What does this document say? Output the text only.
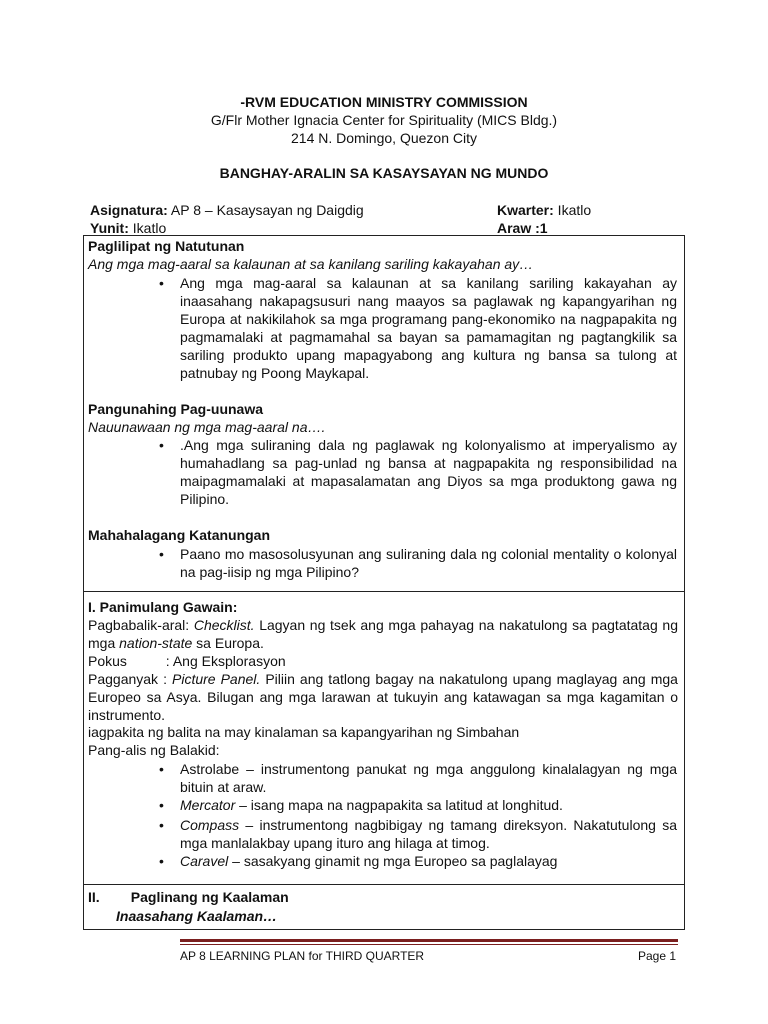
-RVM EDUCATION MINISTRY COMMISSION
G/Flr Mother Ignacia Center for Spirituality (MICS Bldg.)
214 N. Domingo, Quezon City
BANGHAY-ARALIN SA KASAYSAYAN NG MUNDO
Asignatura: AP 8 – Kasaysayan ng Daigdig	Kwarter: Ikatlo
Yunit: Ikatlo	Araw :1
Paglilipat ng Natutunan
Ang mga mag-aaral sa kalaunan at sa kanilang sariling kakayahan ay…
• Ang mga mag-aaral sa kalaunan at sa kanilang sariling kakayahan ay inaasahang nakapagsusuri nang maayos sa paglawak ng kapangyarihan ng Europa at nakikilahok sa mga programang pang-ekonomiko na nagpapakita ng pagmamalaki at pagmamahal sa bayan sa pamamagitan ng pagtangkilik sa sariling produkto upang mapagyabong ang kultura ng bansa sa tulong at patnubay ng Poong Maykapal.
Pangunahing Pag-uunawa
Nauunawaan ng mga mag-aaral na….
• .Ang mga suliraning dala ng paglawak ng kolonyalismo at imperyalismo ay humahadlang sa pag-unlad ng bansa at nagpapakita ng responsibilidad na maipagmamalaki at mapasalamatan ang Diyos sa mga produktong gawa ng Pilipino.
Mahahalagang Katanungan
• Paano mo masosolusyunan ang suliraning dala ng colonial mentality o kolonyal na pag-iisip ng mga Pilipino?
I. Panimulang Gawain:
Pagbabalik-aral: Checklist. Lagyan ng tsek ang mga pahayag na nakatulong sa pagtatatag ng mga nation-state sa Europa.
Pokus          : Ang Eksplorasyon
Pagganyak : Picture Panel. Piliin ang tatlong bagay na nakatulong upang maglayag ang mga Europeo sa Asya. Bilugan ang mga larawan at tukuyin ang katawagan sa mga kagamitan o instrumento.
iagpakita ng balita na may kinalaman sa kapangyarihan ng Simbahan
Pang-alis ng Balakid:
• Astrolabe – instrumentong panukat ng mga anggulong kinalalagyan ng mga bituin at araw.
• Mercator – isang mapa na nagpapakita sa latitud at longhitud.
• Compass – instrumentong nagbibigay ng tamang direksyon. Nakatutulong sa mga manlalakbay upang ituro ang hilaga at timog.
• Caravel – sasakyang ginamit ng mga Europeo sa paglalayag
II.        Paglinang ng Kaalaman
Inaasahang Kaalaman…
AP 8 LEARNING PLAN for THIRD QUARTER	Page 1
